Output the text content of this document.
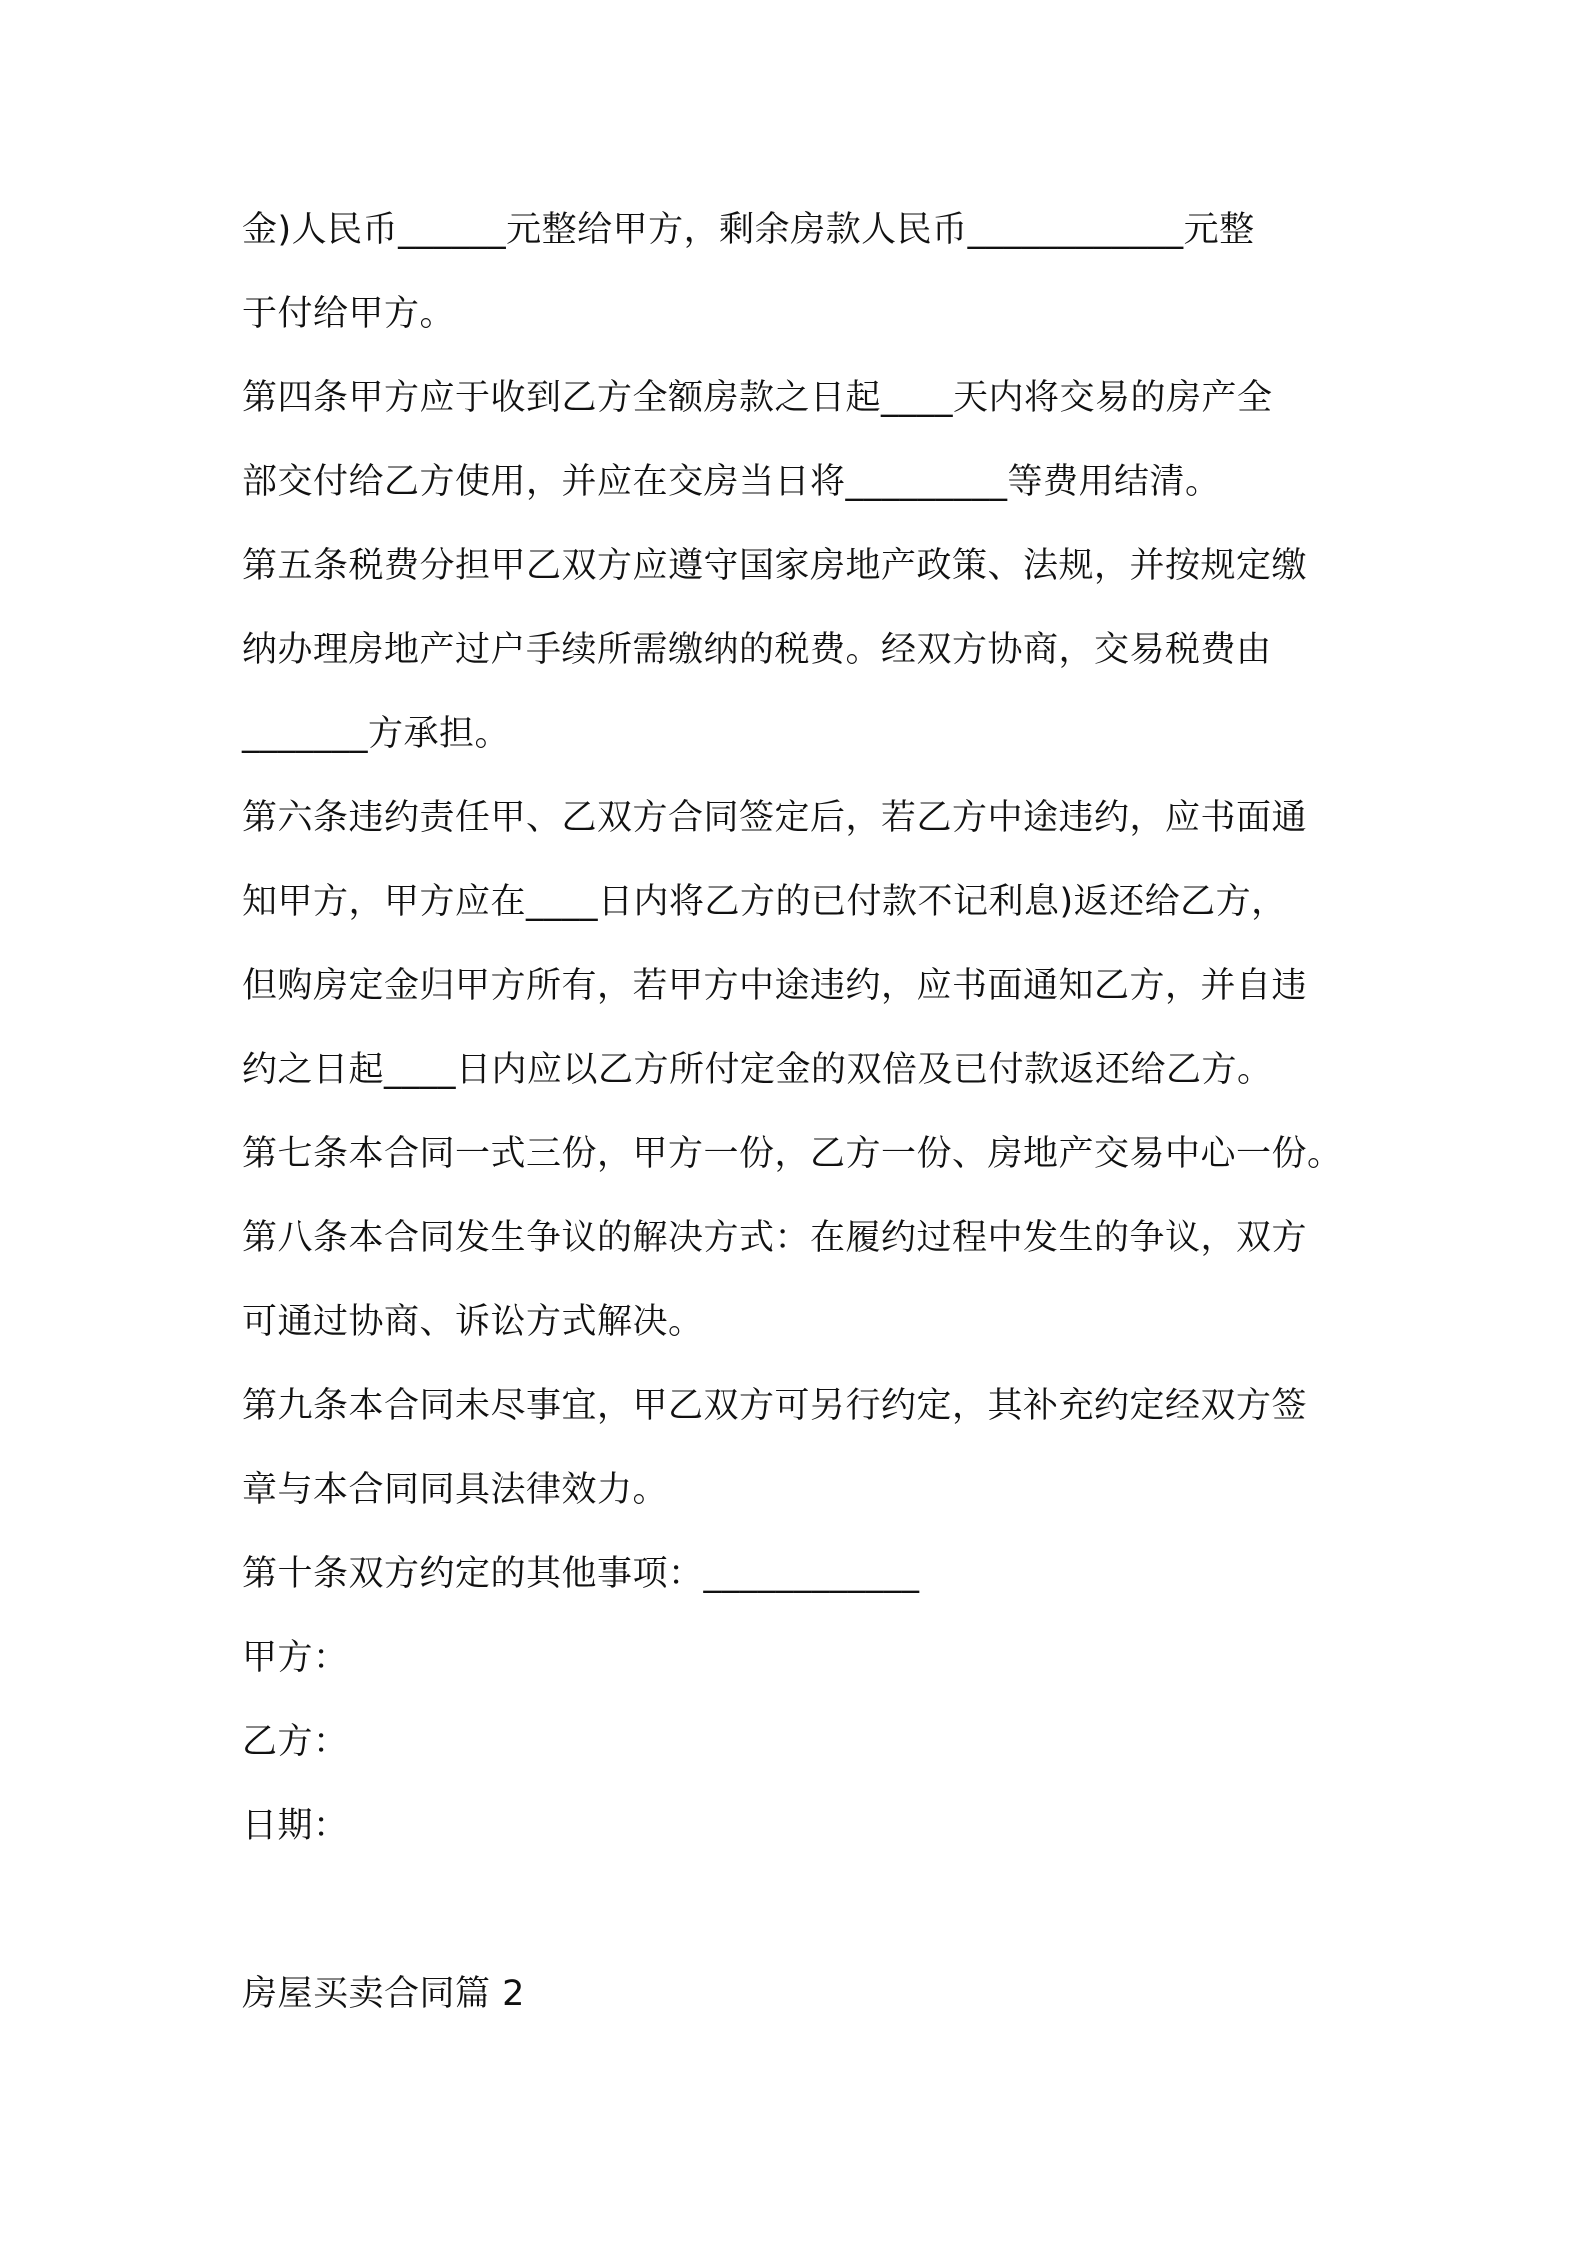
金)人民币______元整给甲方，剩余房款人民币____________元整

于付给甲方。

第四条甲方应于收到乙方全额房款之日起____天内将交易的房产全

部交付给乙方使用，并应在交房当日将_________等费用结清。

第五条税费分担甲乙双方应遵守国家房地产政策、法规，并按规定缴

纳办理房地产过户手续所需缴纳的税费。经双方协商，交易税费由

_______方承担。

第六条违约责任甲、乙双方合同签定后，若乙方中途违约，应书面通

知甲方，甲方应在____日内将乙方的已付款不记利息)返还给乙方，

但购房定金归甲方所有，若甲方中途违约，应书面通知乙方，并自违

约之日起____日内应以乙方所付定金的双倍及已付款返还给乙方。

第七条本合同一式三份，甲方一份，乙方一份、房地产交易中心一份。

第八条本合同发生争议的解决方式：在履约过程中发生的争议，双方

可通过协商、诉讼方式解决。

第九条本合同未尽事宜，甲乙双方可另行约定，其补充约定经双方签

章与本合同同具法律效力。

第十条双方约定的其他事项：____________

甲方：

乙方：

日期：

房屋买卖合同篇 2
